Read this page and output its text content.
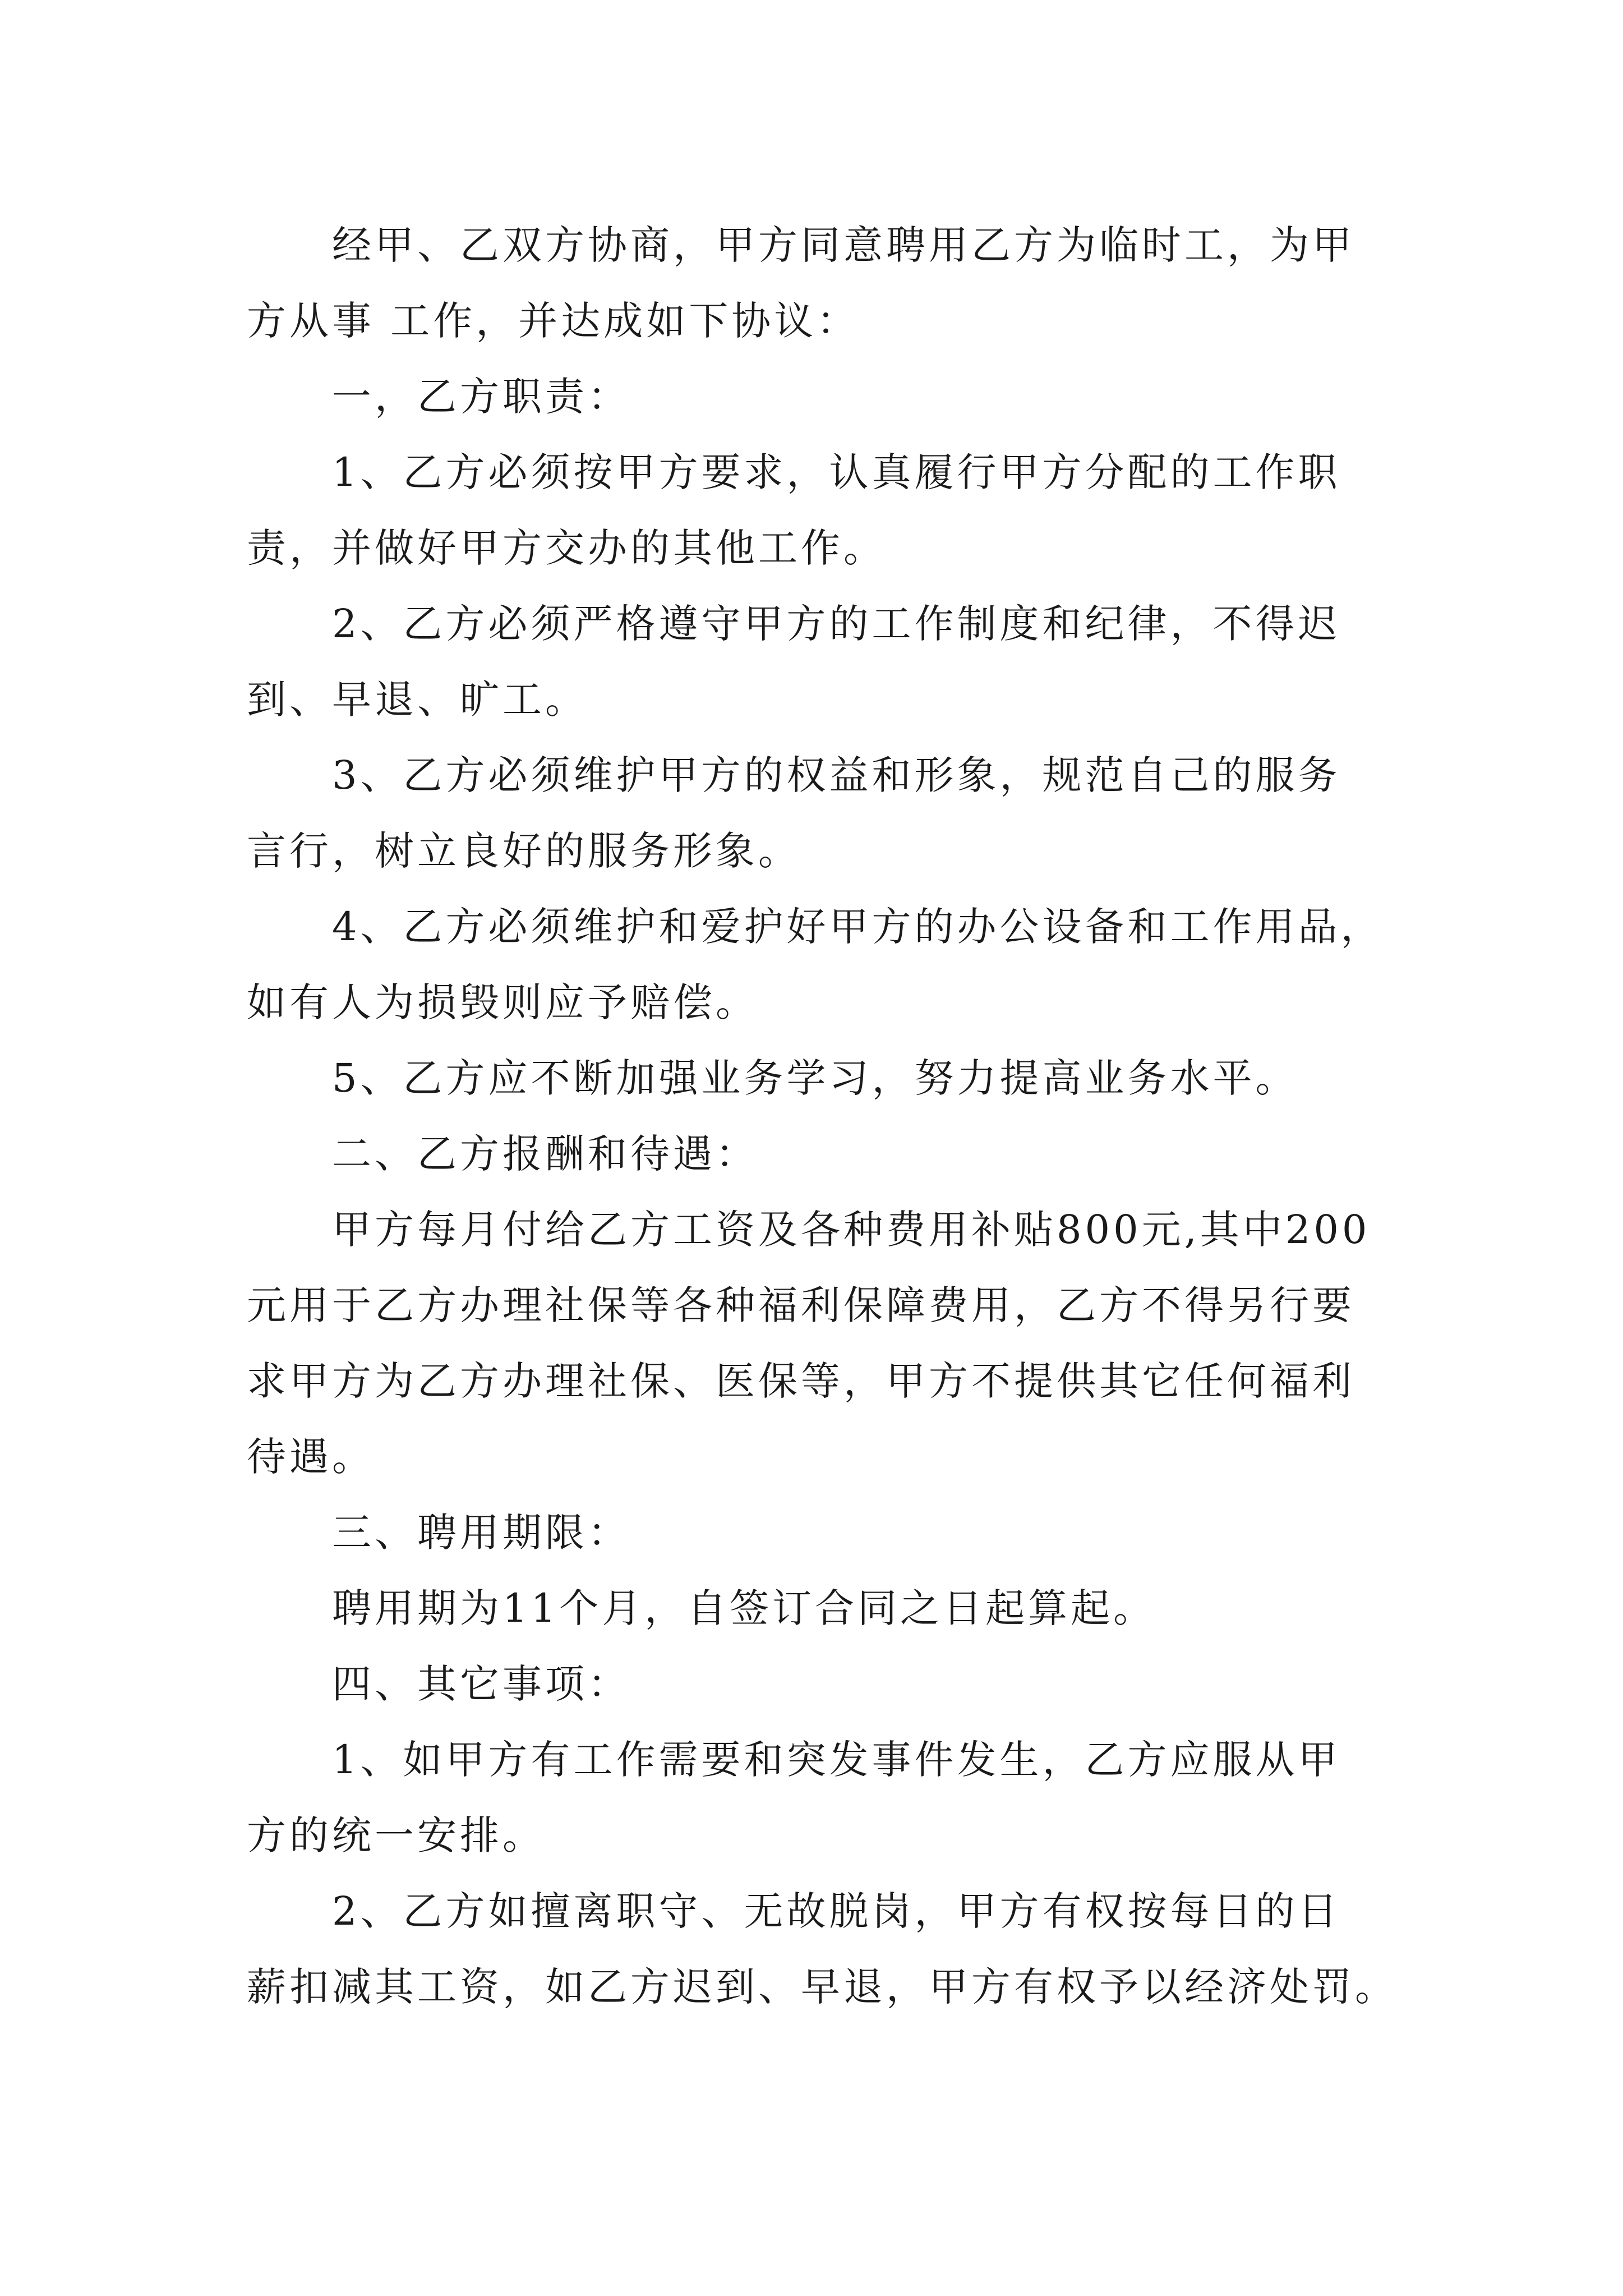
经甲、乙双方协商，甲方同意聘用乙方为临时工，为甲
方从事 工作，并达成如下协议：
一，乙方职责：
1、乙方必须按甲方要求，认真履行甲方分配的工作职
责，并做好甲方交办的其他工作。
2、乙方必须严格遵守甲方的工作制度和纪律，不得迟
到、早退、旷工。
3、乙方必须维护甲方的权益和形象，规范自己的服务
言行，树立良好的服务形象。
4、乙方必须维护和爱护好甲方的办公设备和工作用品，
如有人为损毁则应予赔偿。
5、乙方应不断加强业务学习，努力提高业务水平。
二、乙方报酬和待遇：
甲方每月付给乙方工资及各种费用补贴800元,其中200
元用于乙方办理社保等各种福利保障费用，乙方不得另行要
求甲方为乙方办理社保、医保等，甲方不提供其它任何福利
待遇。
三、聘用期限：
聘用期为11个月，自签订合同之日起算起。
四、其它事项：
1、如甲方有工作需要和突发事件发生，乙方应服从甲
方的统一安排。
2、乙方如擅离职守、无故脱岗，甲方有权按每日的日
薪扣减其工资，如乙方迟到、早退，甲方有权予以经济处罚。
